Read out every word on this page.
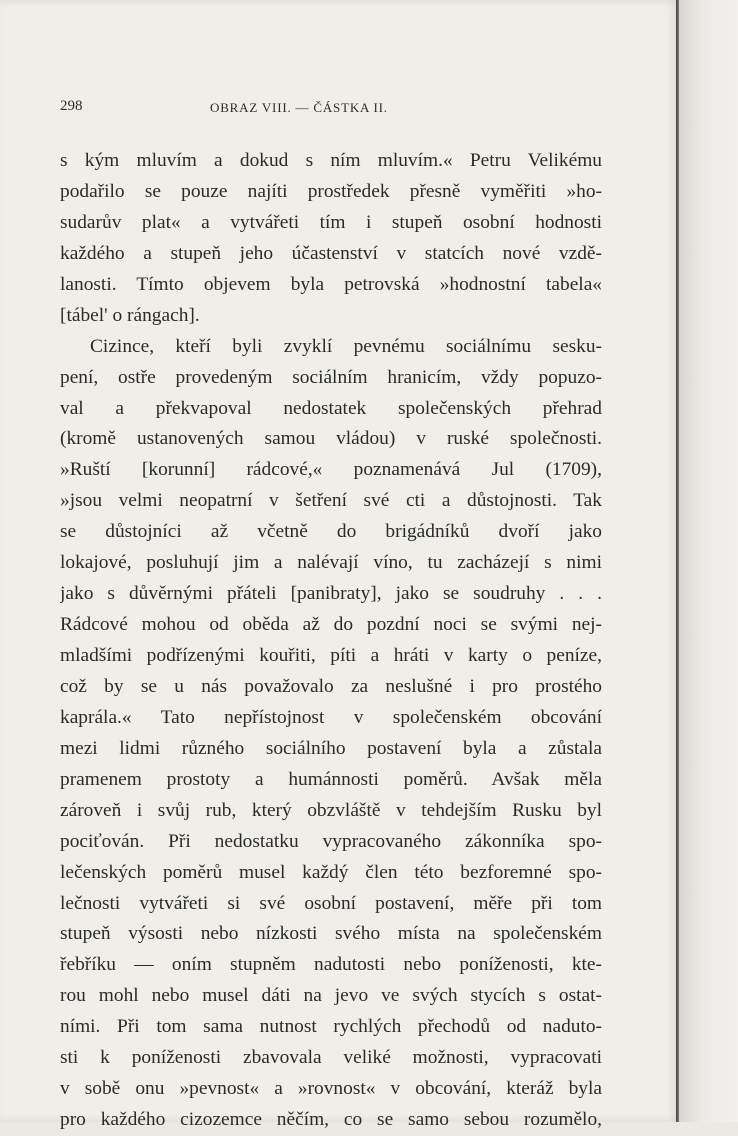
298	OBRAZ VIII. — ČÁSTKA II.
s kým mluvím a dokud s ním mluvím.« Petru Velikému
podařilo se pouze najíti prostředek přesně vyměřiti »ho-
sudarův plat« a vytvářeti tím i stupeň osobní hodnosti
každého a stupeň jeho účastenství v statcích nové vzdě-
lanosti. Tímto objevem byla petrovská »hodnostní tabela«
[tábel' o rángach].
Cizince, kteří byli zvyklí pevnému sociálnímu sesku-
pení, ostře provedeným sociálním hranicím, vždy popuzo-
val a překvapoval nedostatek společenských přehrad
(kromě ustanovených samou vládou) v ruské společnosti.
»Ruští [korunní] rádcové,« poznamenává Jul (1709),
»jsou velmi neopatrní v šetření své cti a důstojnosti. Tak
se důstojníci až včetně do brigádníků dvoří jako
lokajové, posluhují jim a nalévají víno, tu zacházejí s nimi
jako s důvěrnými přáteli [panibraty], jako se soudruhy . . .
Rádcové mohou od oběda až do pozdní noci se svými nej-
mladšími podřízenými kouřiti, píti a hráti v karty o peníze,
což by se u nás považovalo za neslušné i pro prostého
kaprála.« Tato nepřístojnost v společenském obcování
mezi lidmi různého sociálního postavení byla a zůstala
pramenem prostoty a humánnosti poměrů. Avšak měla
zároveň i svůj rub, který obzvláště v tehdejším Rusku byl
pociťován. Při nedostatku vypracovaného zákonníka spo-
lečenských poměrů musel každý člen této bezforemné spo-
lečnosti vytvářeti si své osobní postavení, měře při tom
stupeň výsosti nebo nízkosti svého místa na společenském
řebříku — oním stupněm nadutosti nebo poníženosti, kte-
rou mohl nebo musel dáti na jevo ve svých stycích s ostat-
ními. Při tom sama nutnost rychlých přechodů od naduto-
sti k poníženosti zbavovala veliké možnosti, vypracovati
v sobě onu »pevnost« a »rovnost« v obcování, kteráž byla
pro každého cizozemce něčím, co se samo sebou rozumělo,
